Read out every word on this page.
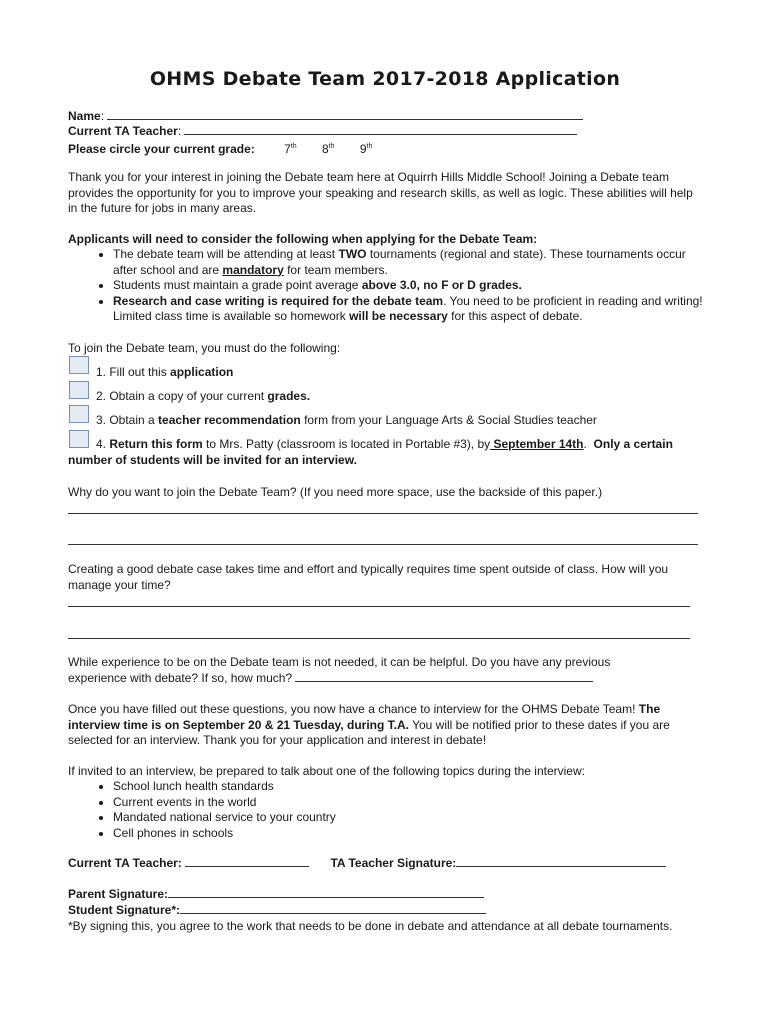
OHMS Debate Team 2017-2018 Application
Name:
Current TA Teacher:
Please circle your current grade: 7th 8th 9th
Thank you for your interest in joining the Debate team here at Oquirrh Hills Middle School! Joining a Debate team provides the opportunity for you to improve your speaking and research skills, as well as logic. These abilities will help in the future for jobs in many areas.
Applicants will need to consider the following when applying for the Debate Team:
• The debate team will be attending at least TWO tournaments (regional and state). These tournaments occur after school and are mandatory for team members.
• Students must maintain a grade point average above 3.0, no F or D grades.
• Research and case writing is required for the debate team. You need to be proficient in reading and writing! Limited class time is available so homework will be necessary for this aspect of debate.
To join the Debate team, you must do the following:
1. Fill out this application
2. Obtain a copy of your current grades.
3. Obtain a teacher recommendation form from your Language Arts & Social Studies teacher
4. Return this form to Mrs. Patty (classroom is located in Portable #3), by September 14th. Only a certain
number of students will be invited for an interview.
Why do you want to join the Debate Team? (If you need more space, use the backside of this paper.)
Creating a good debate case takes time and effort and typically requires time spent outside of class. How will you manage your time?
While experience to be on the Debate team is not needed, it can be helpful. Do you have any previous
experience with debate? If so, how much?
Once you have filled out these questions, you now have a chance to interview for the OHMS Debate Team! The interview time is on September 20 & 21 Tuesday, during T.A. You will be notified prior to these dates if you are selected for an interview. Thank you for your application and interest in debate!
If invited to an interview, be prepared to talk about one of the following topics during the interview:
• School lunch health standards
• Current events in the world
• Mandated national service to your country
• Cell phones in schools
Current TA Teacher:	TA Teacher Signature:
Parent Signature:
Student Signature*:
*By signing this, you agree to the work that needs to be done in debate and attendance at all debate tournaments.
